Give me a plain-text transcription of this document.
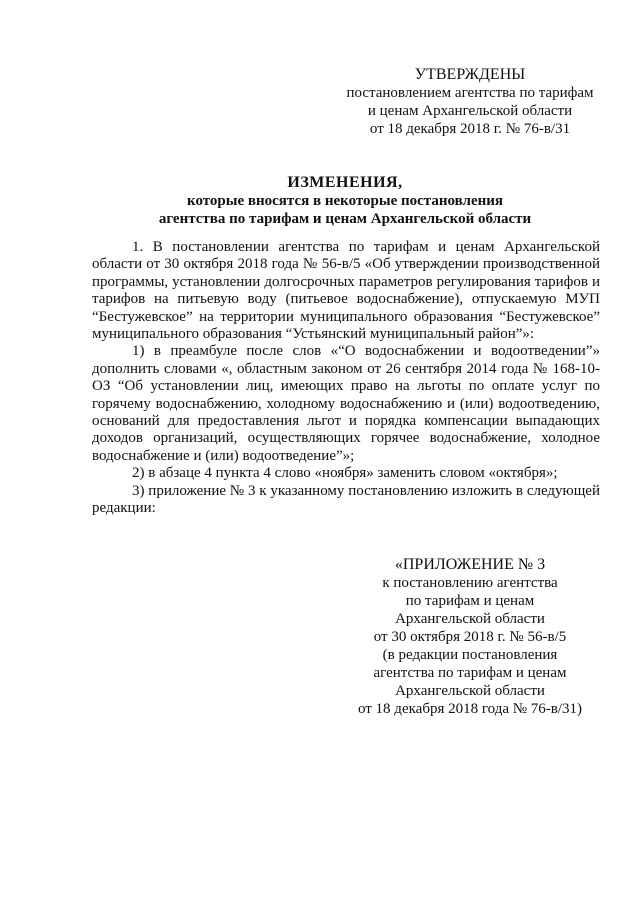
УТВЕРЖДЕНЫ
постановлением агентства по тарифам
и ценам Архангельской области
от 18 декабря 2018 г. № 76-в/31
ИЗМЕНЕНИЯ,
которые вносятся в некоторые постановления
агентства по тарифам и ценам Архангельской области

1. В постановлении агентства по тарифам и ценам Архангельской области от 30 октября 2018 года № 56-в/5 «Об утверждении производственной программы, установлении долгосрочных параметров регулирования тарифов и тарифов на питьевую воду (питьевое водоснабжение), отпускаемую МУП “Бестужевское” на территории муниципального образования “Бестужевское” муниципального образования “Устьянский муниципальный район”»:

1) в преамбуле после слов «“О водоснабжении и водоотведении”» дополнить словами «, областным законом от 26 сентября 2014 года № 168-10-ОЗ “Об установлении лиц, имеющих право на льготы по оплате услуг по горячему водоснабжению, холодному водоснабжению и (или) водоотведению, оснований для предоставления льгот и порядка компенсации выпадающих доходов организаций, осуществляющих горячее водоснабжение, холодное водоснабжение и (или) водоотведение”»;

2) в абзаце 4 пункта 4 слово «ноября» заменить словом «октября»;

3) приложение № 3 к указанному постановлению изложить в следующей редакции:

«ПРИЛОЖЕНИЕ № 3
к постановлению агентства
по тарифам и ценам
Архангельской области
от 30 октября 2018 г. № 56-в/5
(в редакции постановления
агентства по тарифам и ценам
Архангельской области
от 18 декабря 2018 года № 76-в/31)
